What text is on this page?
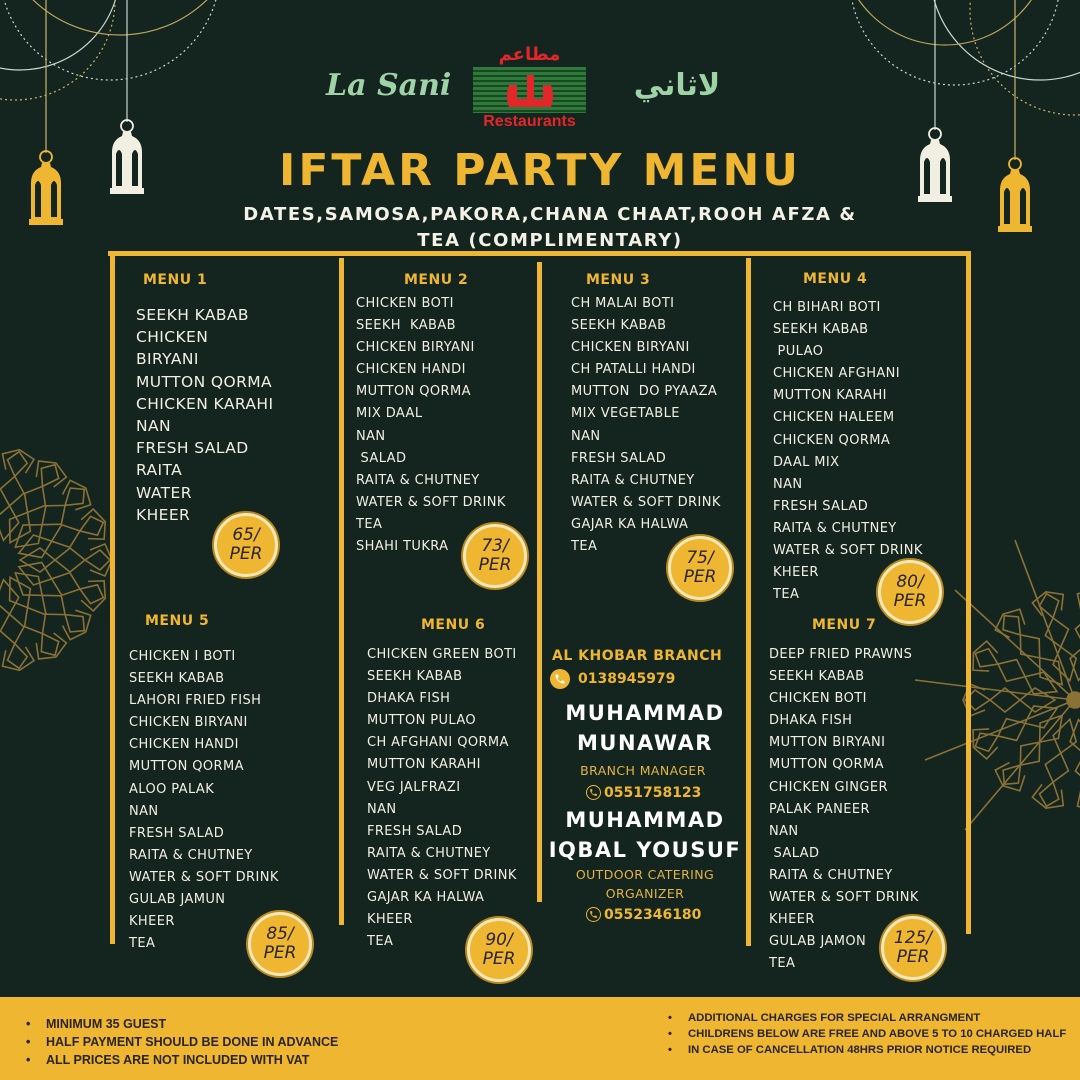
La Sani
مطاعم
Restaurants
لاثاني
IFTAR PARTY MENU
DATES,SAMOSA,PAKORA,CHANA CHAAT,ROOH AFZA &
TEA (COMPLIMENTARY)
MENU 1
SEEKH KABAB
CHICKEN
BIRYANI
MUTTON QORMA
CHICKEN KARAHI
NAN
FRESH SALAD
RAITA
WATER
KHEER
65/
PER
MENU 2
CHICKEN BOTI
SEEKH  KABAB
CHICKEN BIRYANI
CHICKEN HANDI
MUTTON QORMA
MIX DAAL
NAN
SALAD
RAITA & CHUTNEY
WATER & SOFT DRINK
TEA
SHAHI TUKRA	73/
PER
MENU 3
CH MALAI BOTI
SEEKH KABAB
CHICKEN BIRYANI
CH PATALLI HANDI
MUTTON  DO PYAAZA
MIX VEGETABLE
NAN
FRESH SALAD
RAITA & CHUTNEY
WATER & SOFT DRINK
GAJAR KA HALWA
TEA
75/
PER
MENU 4
CH BIHARI BOTI
SEEKH KABAB
PULAO
CHICKEN AFGHANI
MUTTON KARAHI
CHICKEN HALEEM
CHICKEN QORMA
DAAL MIX
NAN
FRESH SALAD
RAITA & CHUTNEY
WATER & SOFT DRINK
KHEER
TEA
80/
PER
MENU 5
CHICKEN I BOTI
SEEKH KABAB
LAHORI FRIED FISH
CHICKEN BIRYANI
CHICKEN HANDI
MUTTON QORMA
ALOO PALAK
NAN
FRESH SALAD
RAITA & CHUTNEY
WATER & SOFT DRINK
GULAB JAMUN
KHEER
TEA	85/
PER
MENU 6
CHICKEN GREEN BOTI
SEEKH KABAB
DHAKA FISH
MUTTON PULAO
CH AFGHANI QORMA
MUTTON KARAHI
VEG JALFRAZI
NAN
FRESH SALAD
RAITA & CHUTNEY
WATER & SOFT DRINK
GAJAR KA HALWA
KHEER
TEA	90/
PER
AL KHOBAR BRANCH
0138945979
MUHAMMAD
MUNAWAR
BRANCH MANAGER
0551758123
MUHAMMAD
IQBAL YOUSUF
OUTDOOR CATERING
ORGANIZER
0552346180
MENU 7
DEEP FRIED PRAWNS
SEEKH KABAB
CHICKEN BOTI
DHAKA FISH
MUTTON BIRYANI
MUTTON QORMA
CHICKEN GINGER
PALAK PANEER
NAN
SALAD
RAITA & CHUTNEY
WATER & SOFT DRINK
KHEER
GULAB JAMON
TEA
125/
PER
• MINIMUM 35 GUEST
• HALF PAYMENT SHOULD BE DONE IN ADVANCE
• ALL PRICES ARE NOT INCLUDED WITH VAT
• ADDITIONAL CHARGES FOR SPECIAL ARRANGMENT
• CHILDRENS BELOW ARE FREE AND ABOVE 5 TO 10 CHARGED HALF
• IN CASE OF CANCELLATION 48HRS PRIOR NOTICE REQUIRED
